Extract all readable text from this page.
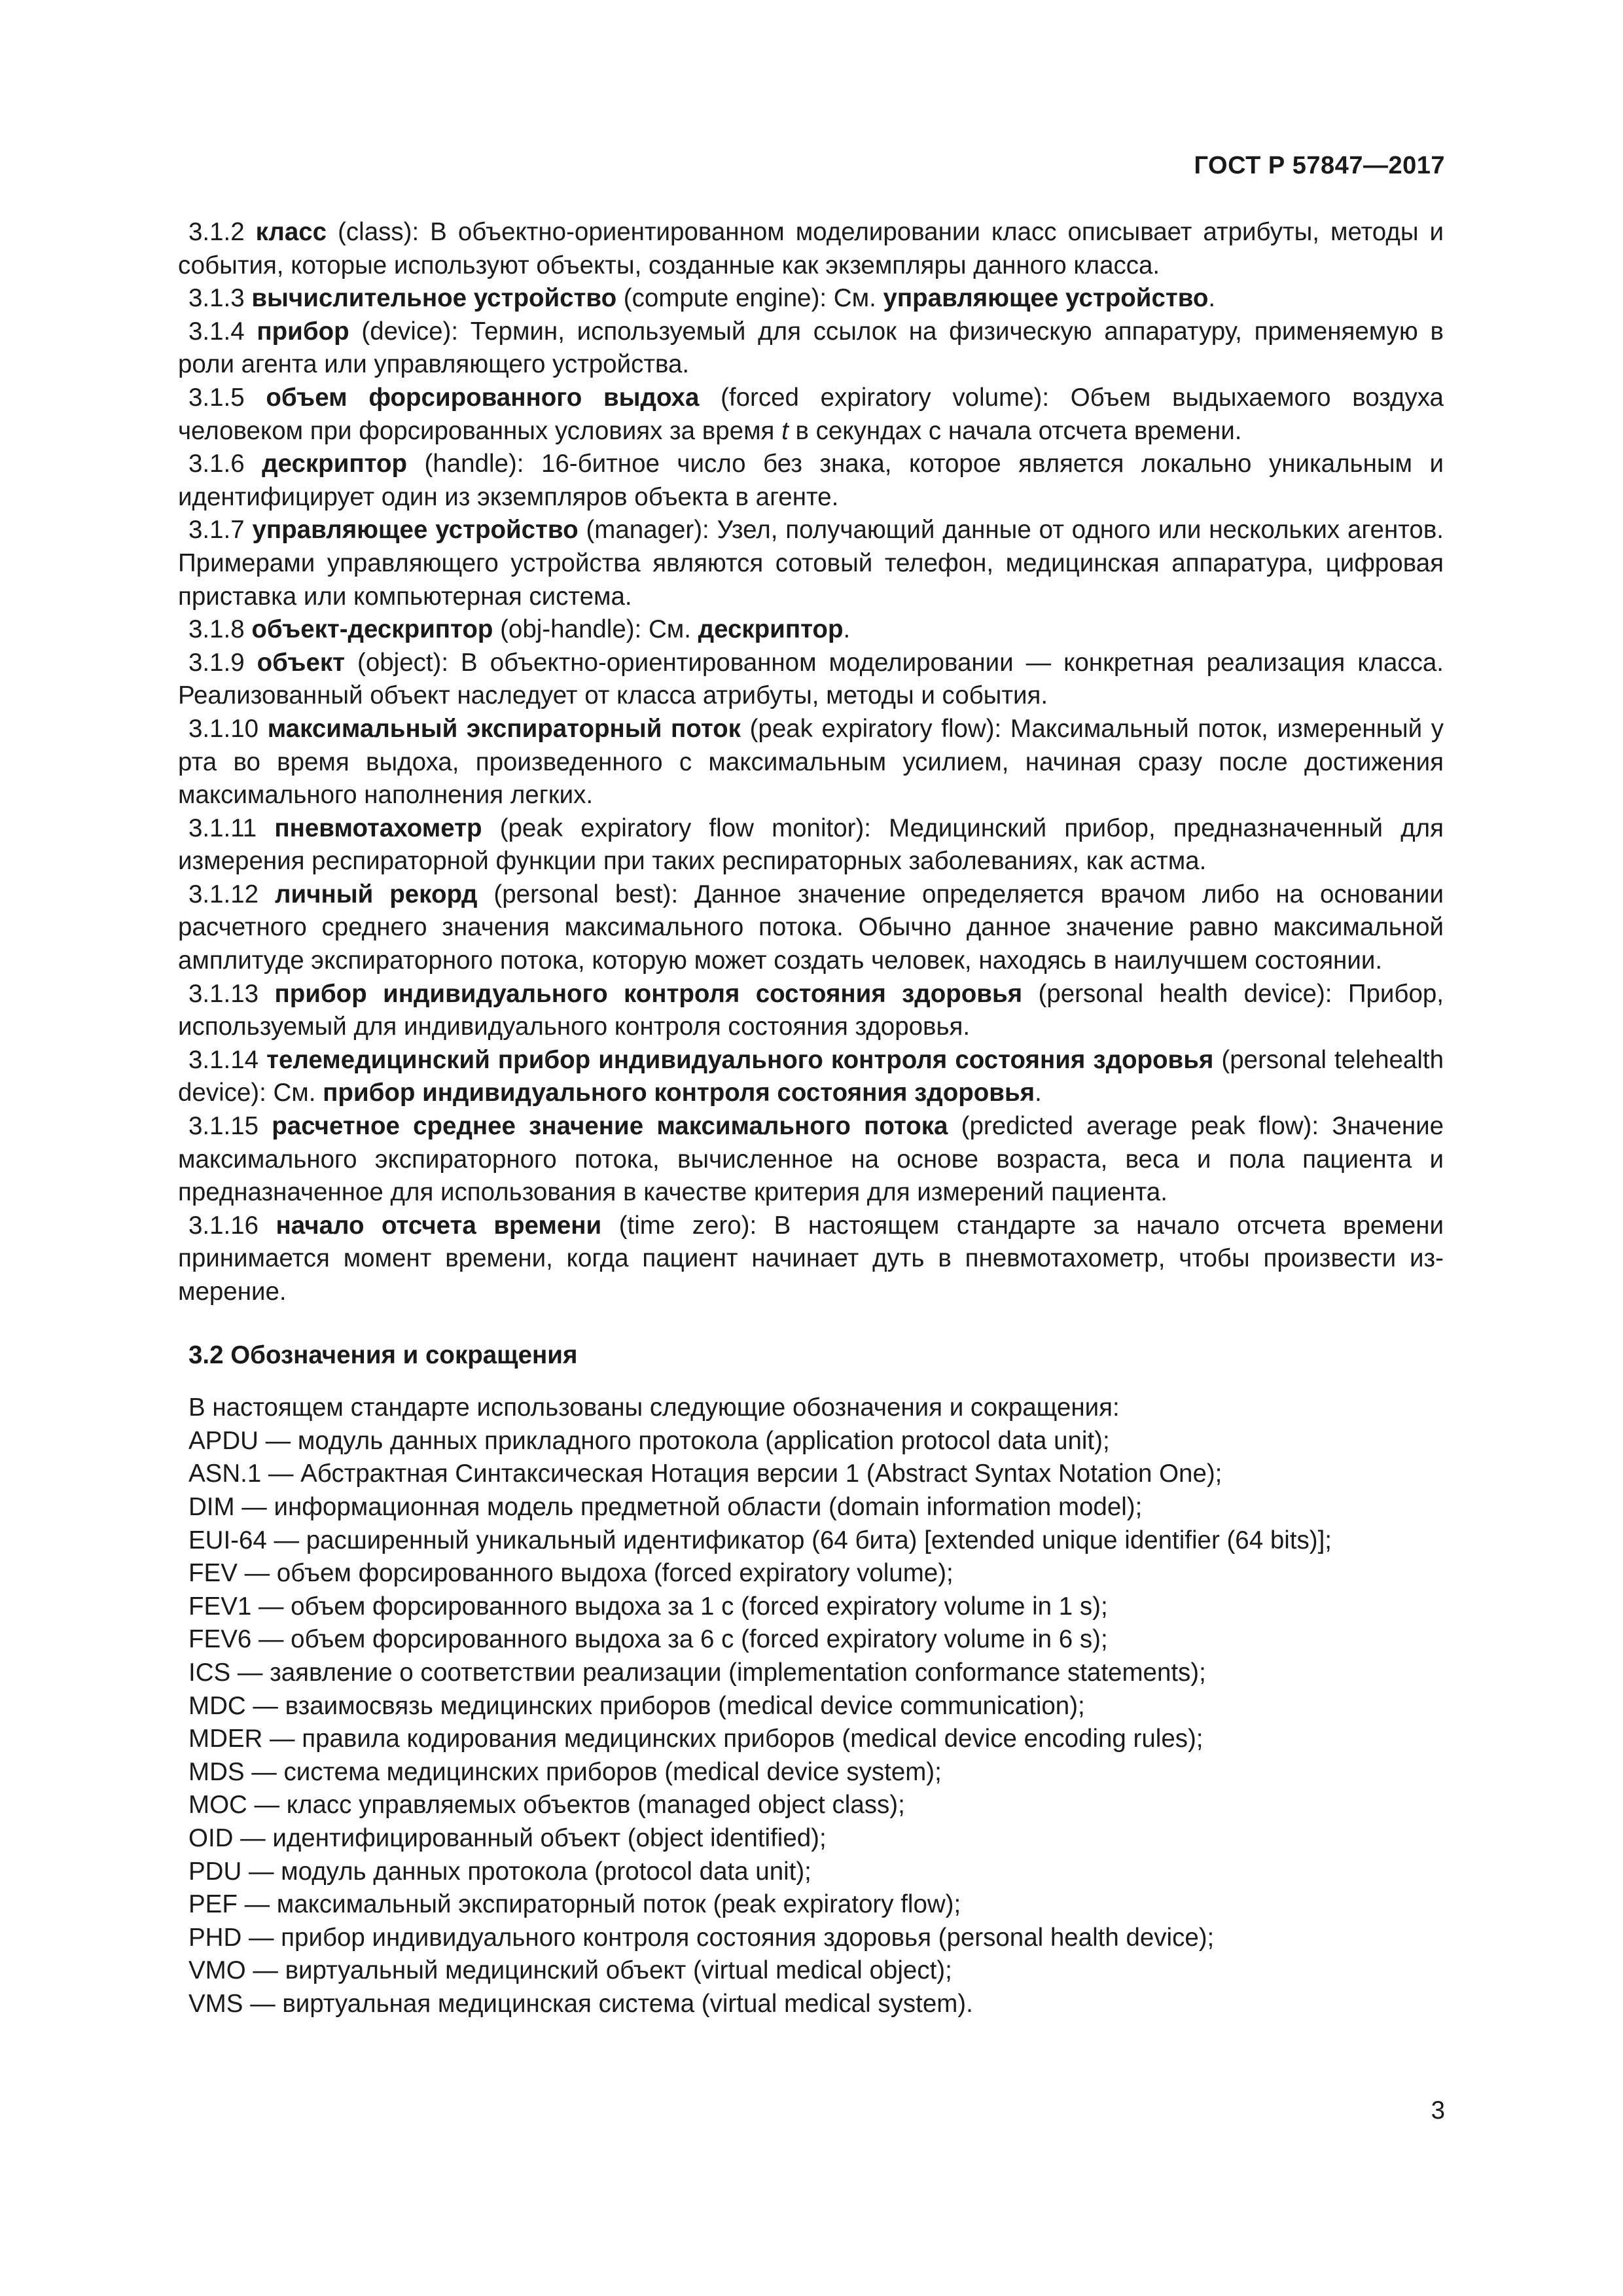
ГОСТ Р 57847—2017

3.1.2 класс (class): В объектно-ориентированном моделировании класс описывает атрибуты, методы и события, которые используют объекты, созданные как экземпляры данного класса.

3.1.3 вычислительное устройство (compute engine): См. управляющее устройство.

3.1.4 прибор (device): Термин, используемый для ссылок на физическую аппаратуру, применяемую в роли агента или управляющего устройства.

3.1.5 объем форсированного выдоха (forced expiratory volume): Объем выдыхаемого воздуха человеком при форсированных условиях за время t в секундах с начала отсчета времени.

3.1.6 дескриптор (handle): 16-битное число без знака, которое является локально уникальным и идентифицирует один из экземпляров объекта в агенте.

3.1.7 управляющее устройство (manager): Узел, получающий данные от одного или нескольких агентов. Примерами управляющего устройства являются сотовый телефон, медицинская аппаратура, цифровая приставка или компьютерная система.

3.1.8 объект-дескриптор (obj-handle): См. дескриптор.

3.1.9 объект (object): В объектно-ориентированном моделировании — конкретная реализация класса. Реализованный объект наследует от класса атрибуты, методы и события.

3.1.10 максимальный экспираторный поток (peak expiratory flow): Максимальный поток, измеренный у рта во время выдоха, произведенного с максимальным усилием, начиная сразу после достижения максимального наполнения легких.

3.1.11 пневмотахометр (peak expiratory flow monitor): Медицинский прибор, предназначенный для измерения респираторной функции при таких респираторных заболеваниях, как астма.

3.1.12 личный рекорд (personal best): Данное значение определяется врачом либо на основании расчетного среднего значения максимального потока. Обычно данное значение равно максимальной амплитуде экспираторного потока, которую может создать человек, находясь в наилучшем состоянии.

3.1.13 прибор индивидуального контроля состояния здоровья (personal health device): Прибор, используемый для индивидуального контроля состояния здоровья.

3.1.14 телемедицинский прибор индивидуального контроля состояния здоровья (personal telehealth device): См. прибор индивидуального контроля состояния здоровья.

3.1.15 расчетное среднее значение максимального потока (predicted average peak flow): Значение максимального экспираторного потока, вычисленное на основе возраста, веса и пола пациента и предназначенное для использования в качестве критерия для измерений пациента.

3.1.16 начало отсчета времени (time zero): В настоящем стандарте за начало отсчета времени принимается момент времени, когда пациент начинает дуть в пневмотахометр, чтобы произвести измерение.

3.2 Обозначения и сокращения

В настоящем стандарте использованы следующие обозначения и сокращения:

APDU — модуль данных прикладного протокола (application protocol data unit);

ASN.1 — Абстрактная Синтаксическая Нотация версии 1 (Abstract Syntax Notation One);

DIM — информационная модель предметной области (domain information model);

EUI-64 — расширенный уникальный идентификатор (64 бита) [extended unique identifier (64 bits)];

FEV — объем форсированного выдоха (forced expiratory volume);

FEV1 — объем форсированного выдоха за 1 с (forced expiratory volume in 1 s);

FEV6 — объем форсированного выдоха за 6 с (forced expiratory volume in 6 s);

ICS — заявление о соответствии реализации (implementation conformance statements);

MDC — взаимосвязь медицинских приборов (medical device communication);

MDER — правила кодирования медицинских приборов (medical device encoding rules);

MDS — система медицинских приборов (medical device system);

MOC — класс управляемых объектов (managed object class);

OID — идентифицированный объект (object identified);

PDU — модуль данных протокола (protocol data unit);

PEF — максимальный экспираторный поток (peak expiratory flow);

PHD — прибор индивидуального контроля состояния здоровья (personal health device);

VMO — виртуальный медицинский объект (virtual medical object);

VMS — виртуальная медицинская система (virtual medical system).

3
